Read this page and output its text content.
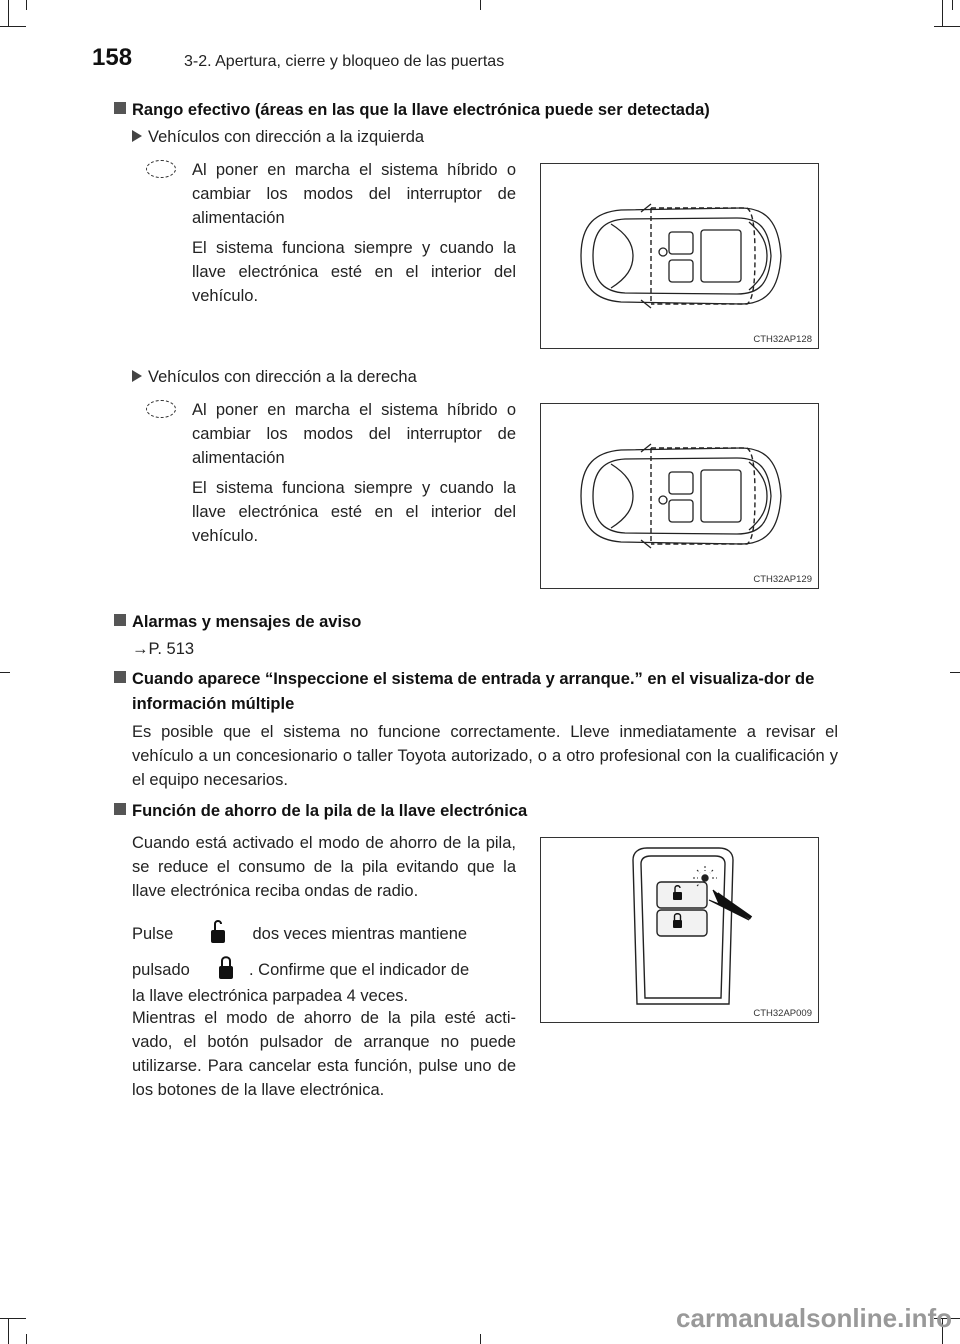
158	3-2. Apertura, cierre y bloqueo de las puertas
Rango efectivo (áreas en las que la llave electrónica puede ser detectada)
Vehículos con dirección a la izquierda
Al poner en marcha el sistema híbrido o cambiar los modos del interruptor de alimentación
El sistema funciona siempre y cuando la llave electrónica esté en el interior del vehículo.
CTH32AP128
Vehículos con dirección a la derecha
Al poner en marcha el sistema híbrido o cambiar los modos del interruptor de alimentación
El sistema funciona siempre y cuando la llave electrónica esté en el interior del vehículo.
CTH32AP129
Alarmas y mensajes de aviso
→P. 513
Cuando aparece “Inspeccione el sistema de entrada y arranque.” en el visualiza-dor de información múltiple
Es posible que el sistema no funcione correctamente. Lleve inmediatamente a revisar el vehículo a un concesionario o taller Toyota autorizado, o a otro profesional con la cualificación y el equipo necesarios.
Función de ahorro de la pila de la llave electrónica
Cuando está activado el modo de ahorro de la pila, se reduce el consumo de la pila evitando que la llave electrónica reciba ondas de radio.
Pulse	dos veces mientras mantiene
pulsado	. Confirme que el indicador de
la llave electrónica parpadea 4 veces.
Mientras el modo de ahorro de la pila esté acti-vado, el botón pulsador de arranque no puede utilizarse. Para cancelar esta función, pulse uno de los botones de la llave electrónica.
CTH32AP009
carmanualsonline.info
